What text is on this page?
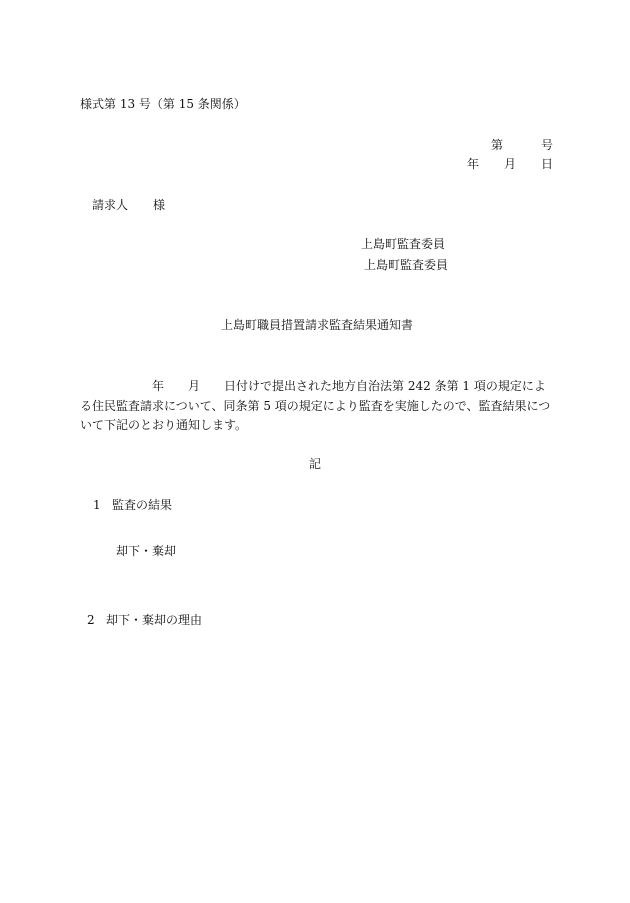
様式第 13 号（第 15 条関係）
第	号
年 月 日
請求人 様
上島町監査委員
上島町監査委員
上島町職員措置請求監査結果通知書
年 月 日付けで提出された地方自治法第 242 条第 1 項の規定による住民監査請求について、同条第 5 項の規定により監査を実施したので、監査結果について下記のとおり通知します。
記
1 監査の結果
却下・棄却
2 却下・棄却の理由
